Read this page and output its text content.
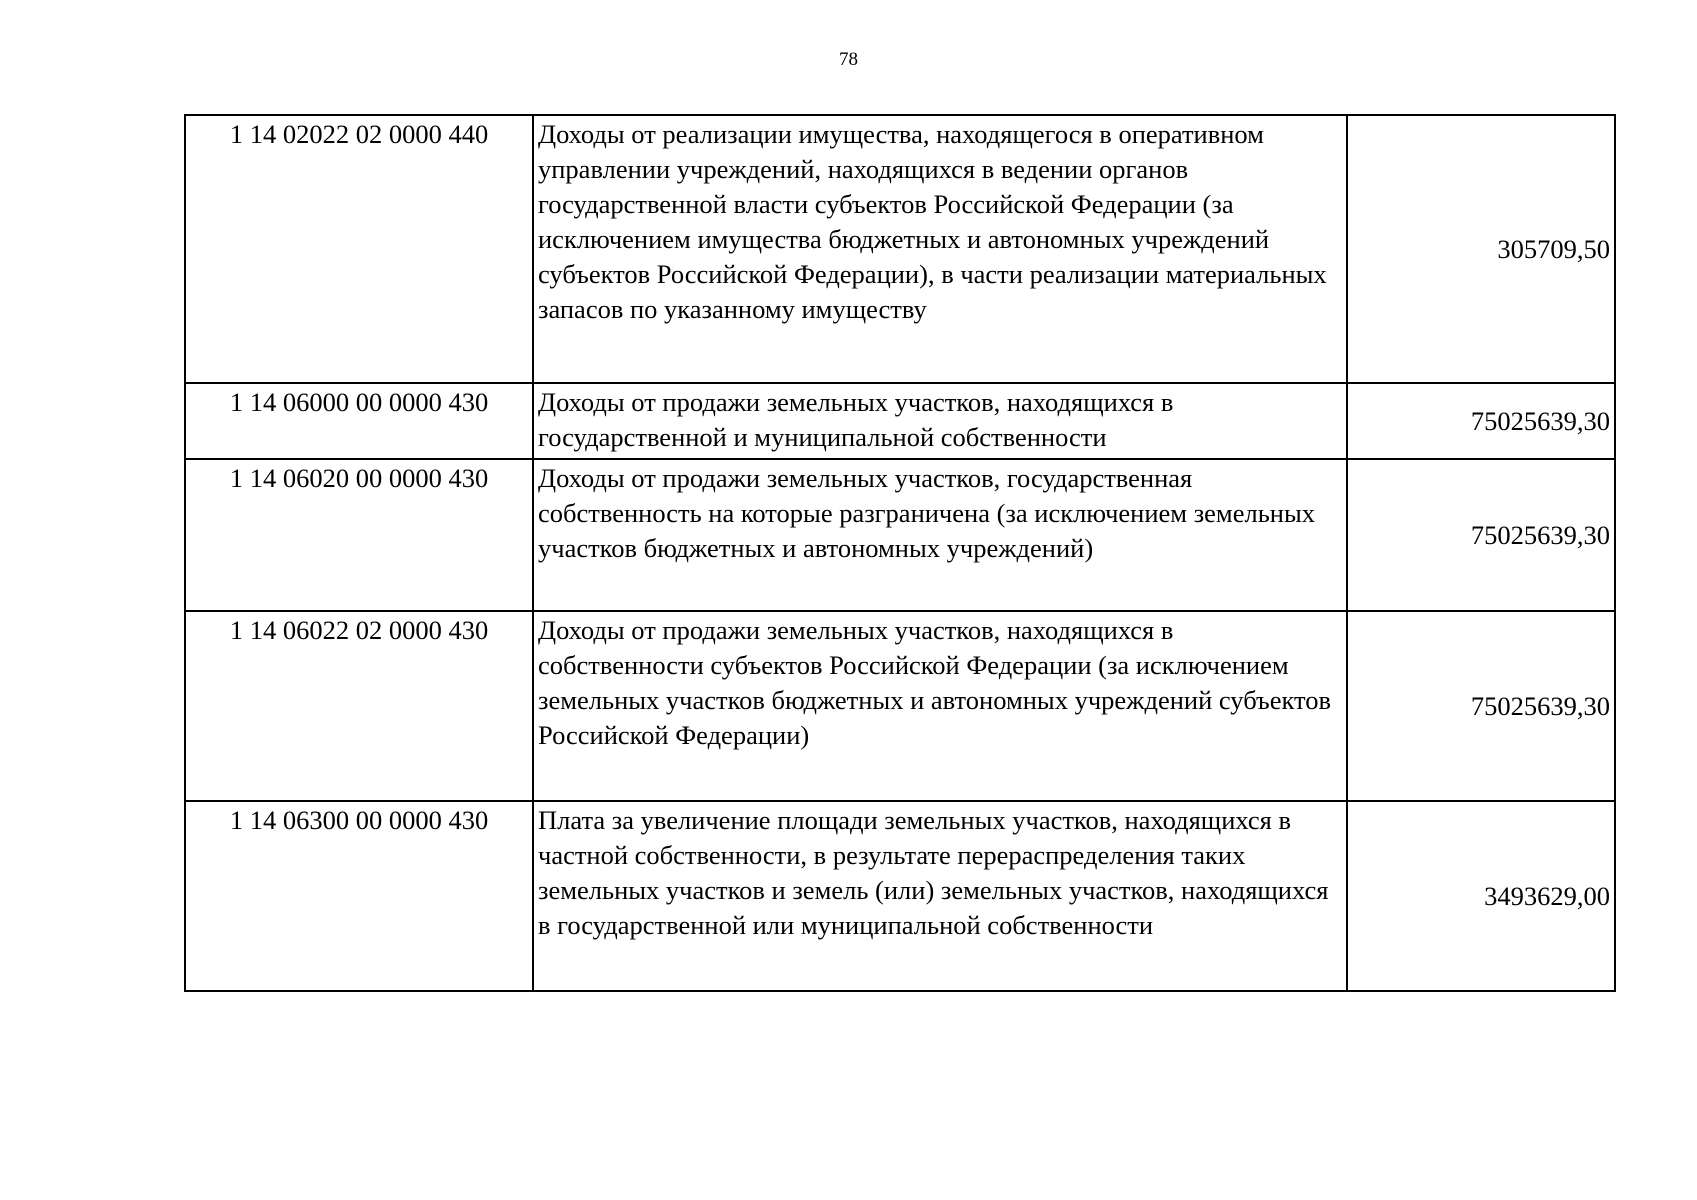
78
1 14 02022 02 0000 440	Доходы от реализации имущества, находящегося в оперативном управлении учреждений, находящихся в ведении органов государственной власти субъектов Российской Федерации (за исключением имущества бюджетных и автономных учреждений субъектов Российской Федерации), в части реализации материальных запасов по указанному имуществу	305709,50
1 14 06000 00 0000 430	Доходы от продажи земельных участков, находящихся в государственной и муниципальной собственности	75025639,30
1 14 06020 00 0000 430	Доходы от продажи земельных участков, государственная собственность на которые разграничена (за исключением земельных участков бюджетных и автономных учреждений)	75025639,30
1 14 06022 02 0000 430	Доходы от продажи земельных участков, находящихся в собственности субъектов Российской Федерации (за исключением земельных участков бюджетных и автономных учреждений субъектов Российской Федерации)	75025639,30
1 14 06300 00 0000 430	Плата за увеличение площади земельных участков, находящихся в частной собственности, в результате перераспределения таких земельных участков и земель (или) земельных участков, находящихся в государственной или муниципальной собственности	3493629,00
